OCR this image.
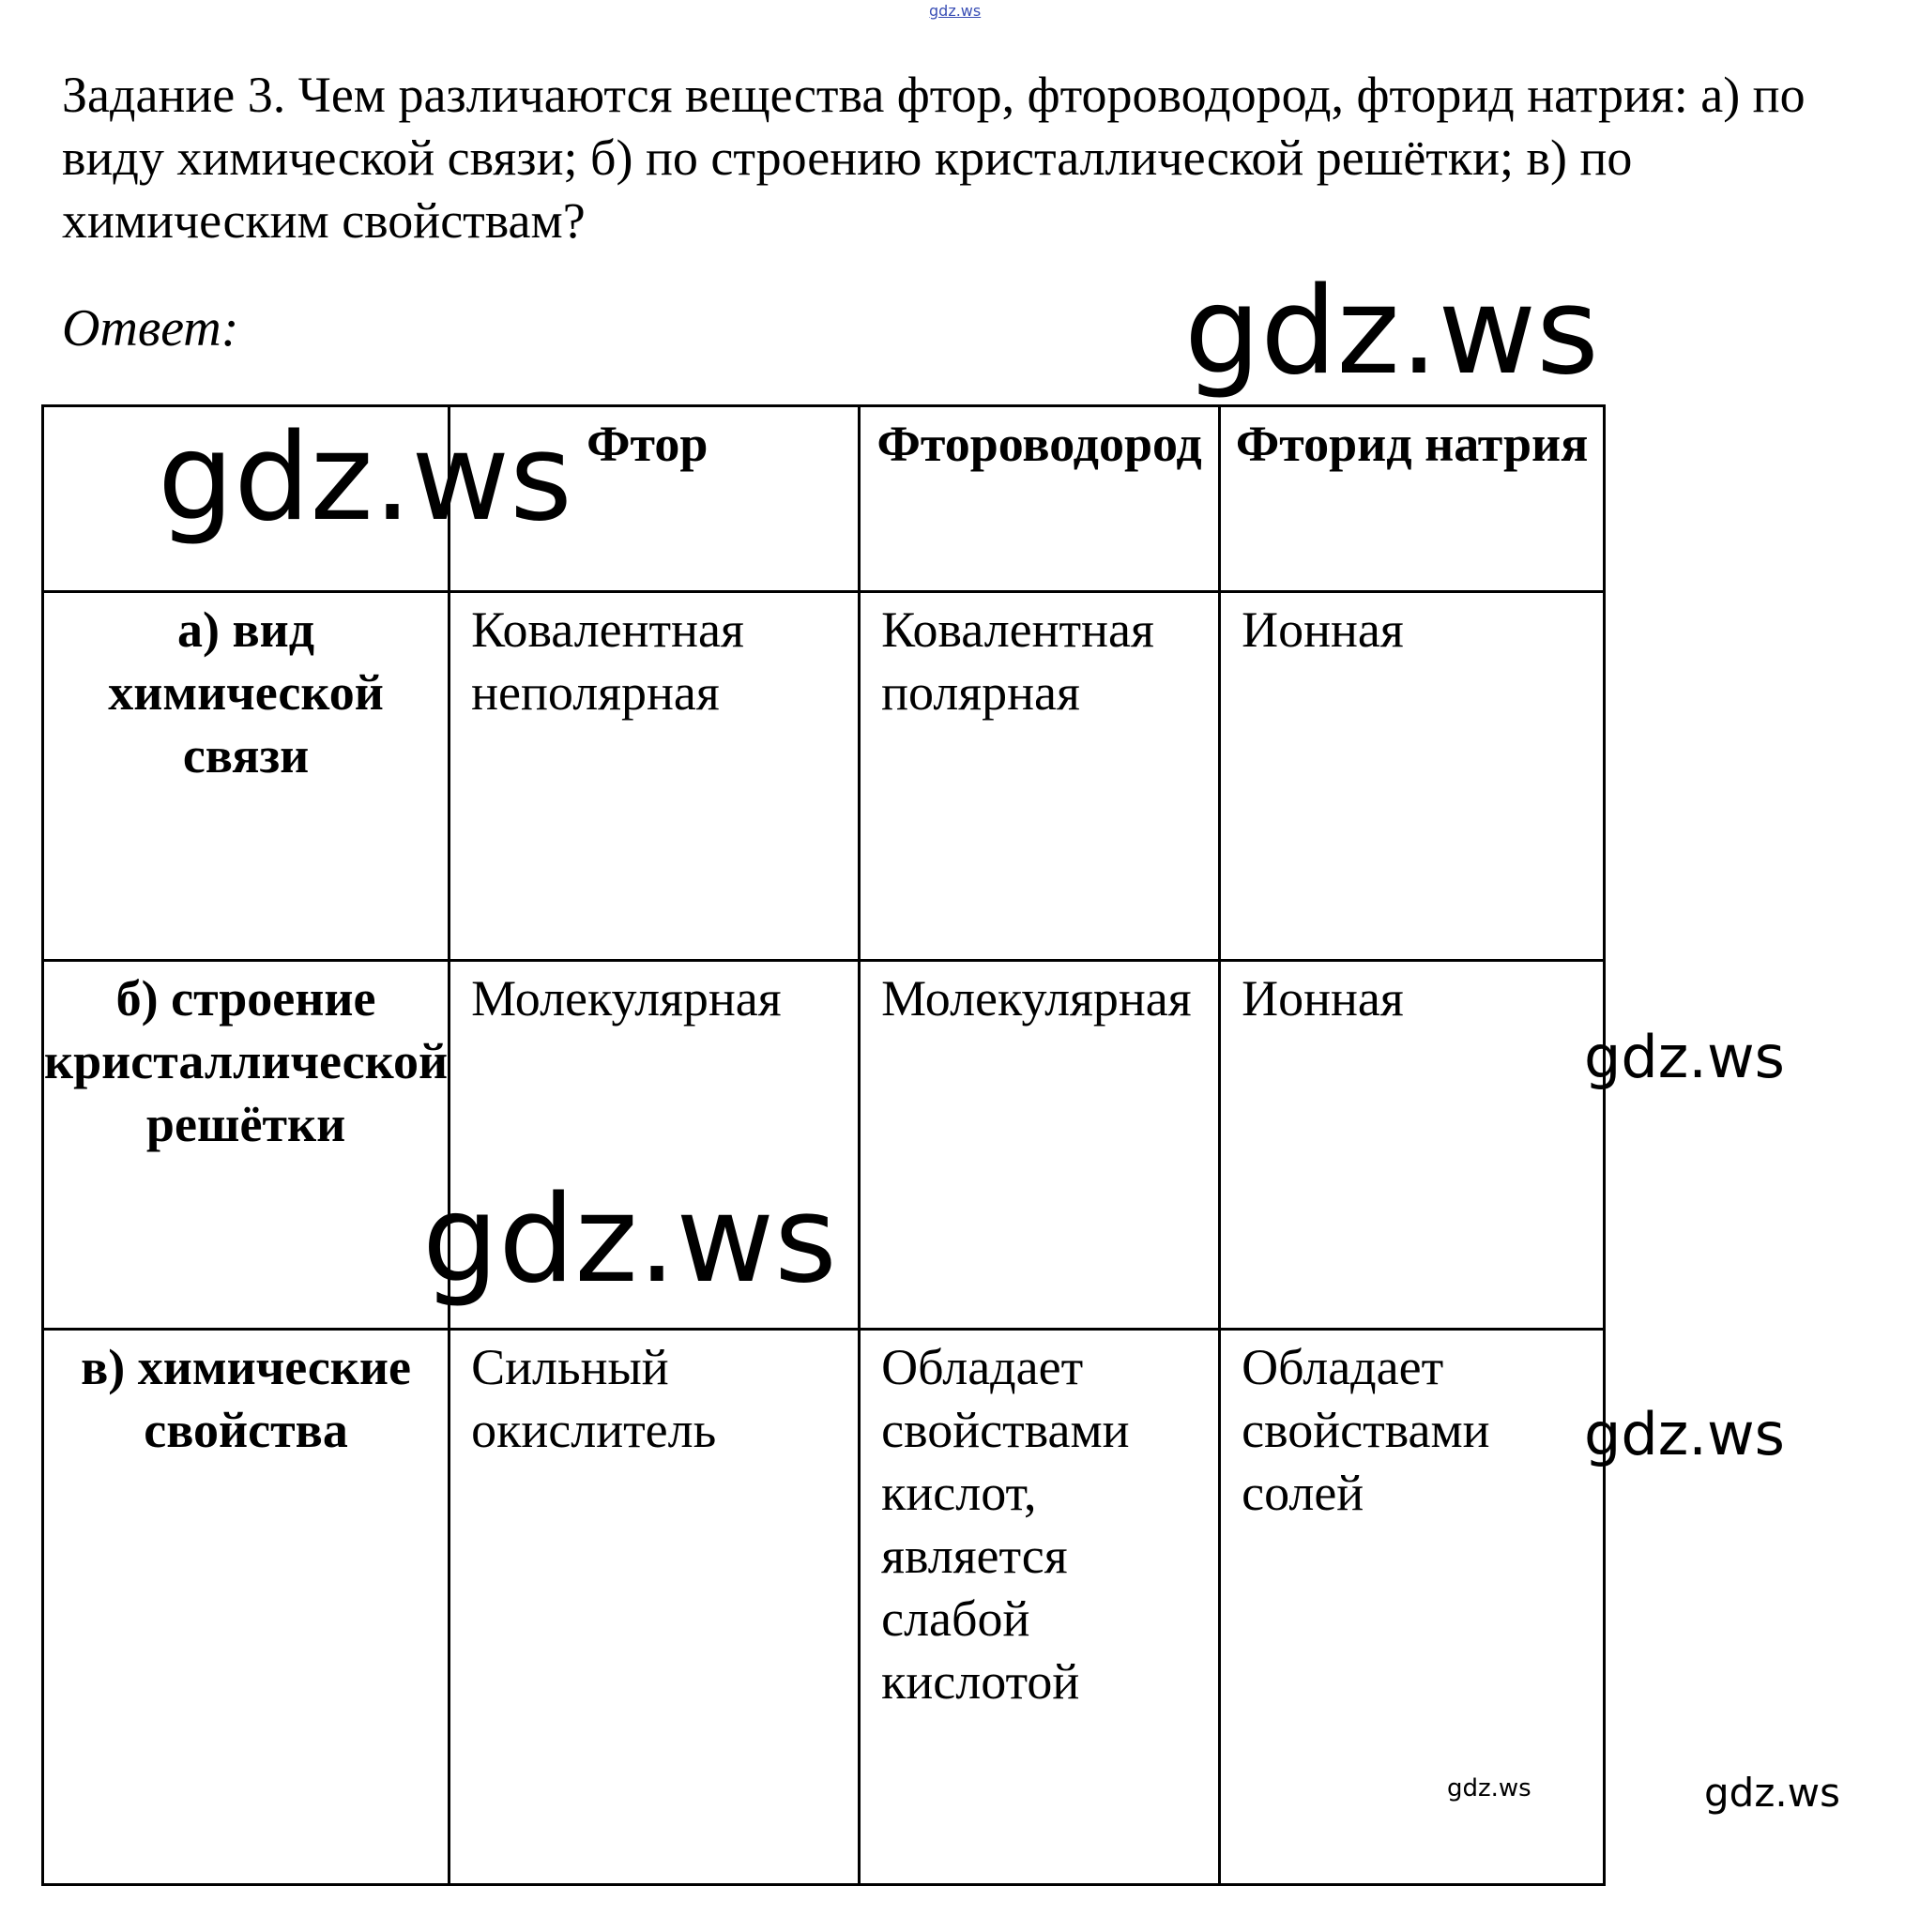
Задание 3. Чем различаются вещества фтор, фтороводород, фторид натрия: а) по виду химической связи; б) по строению кристаллической решётки; в) по химическим свойствам?
Ответ:
	Фтор	Фтороводород	Фторид натрия
а) вид химической связи	Ковалентная неполярная	Ковалентная полярная	Ионная
б) строение кристаллической решётки	Молекулярная	Молекулярная	Ионная
в) химические свойства	Сильный окислитель	Обладает свойствами кислот, является слабой кислотой	Обладает свойствами солей
gdz.ws
gdz.ws
gdz.ws
gdz.ws
gdz.ws
gdz.ws
gdz.ws	gdz.ws
